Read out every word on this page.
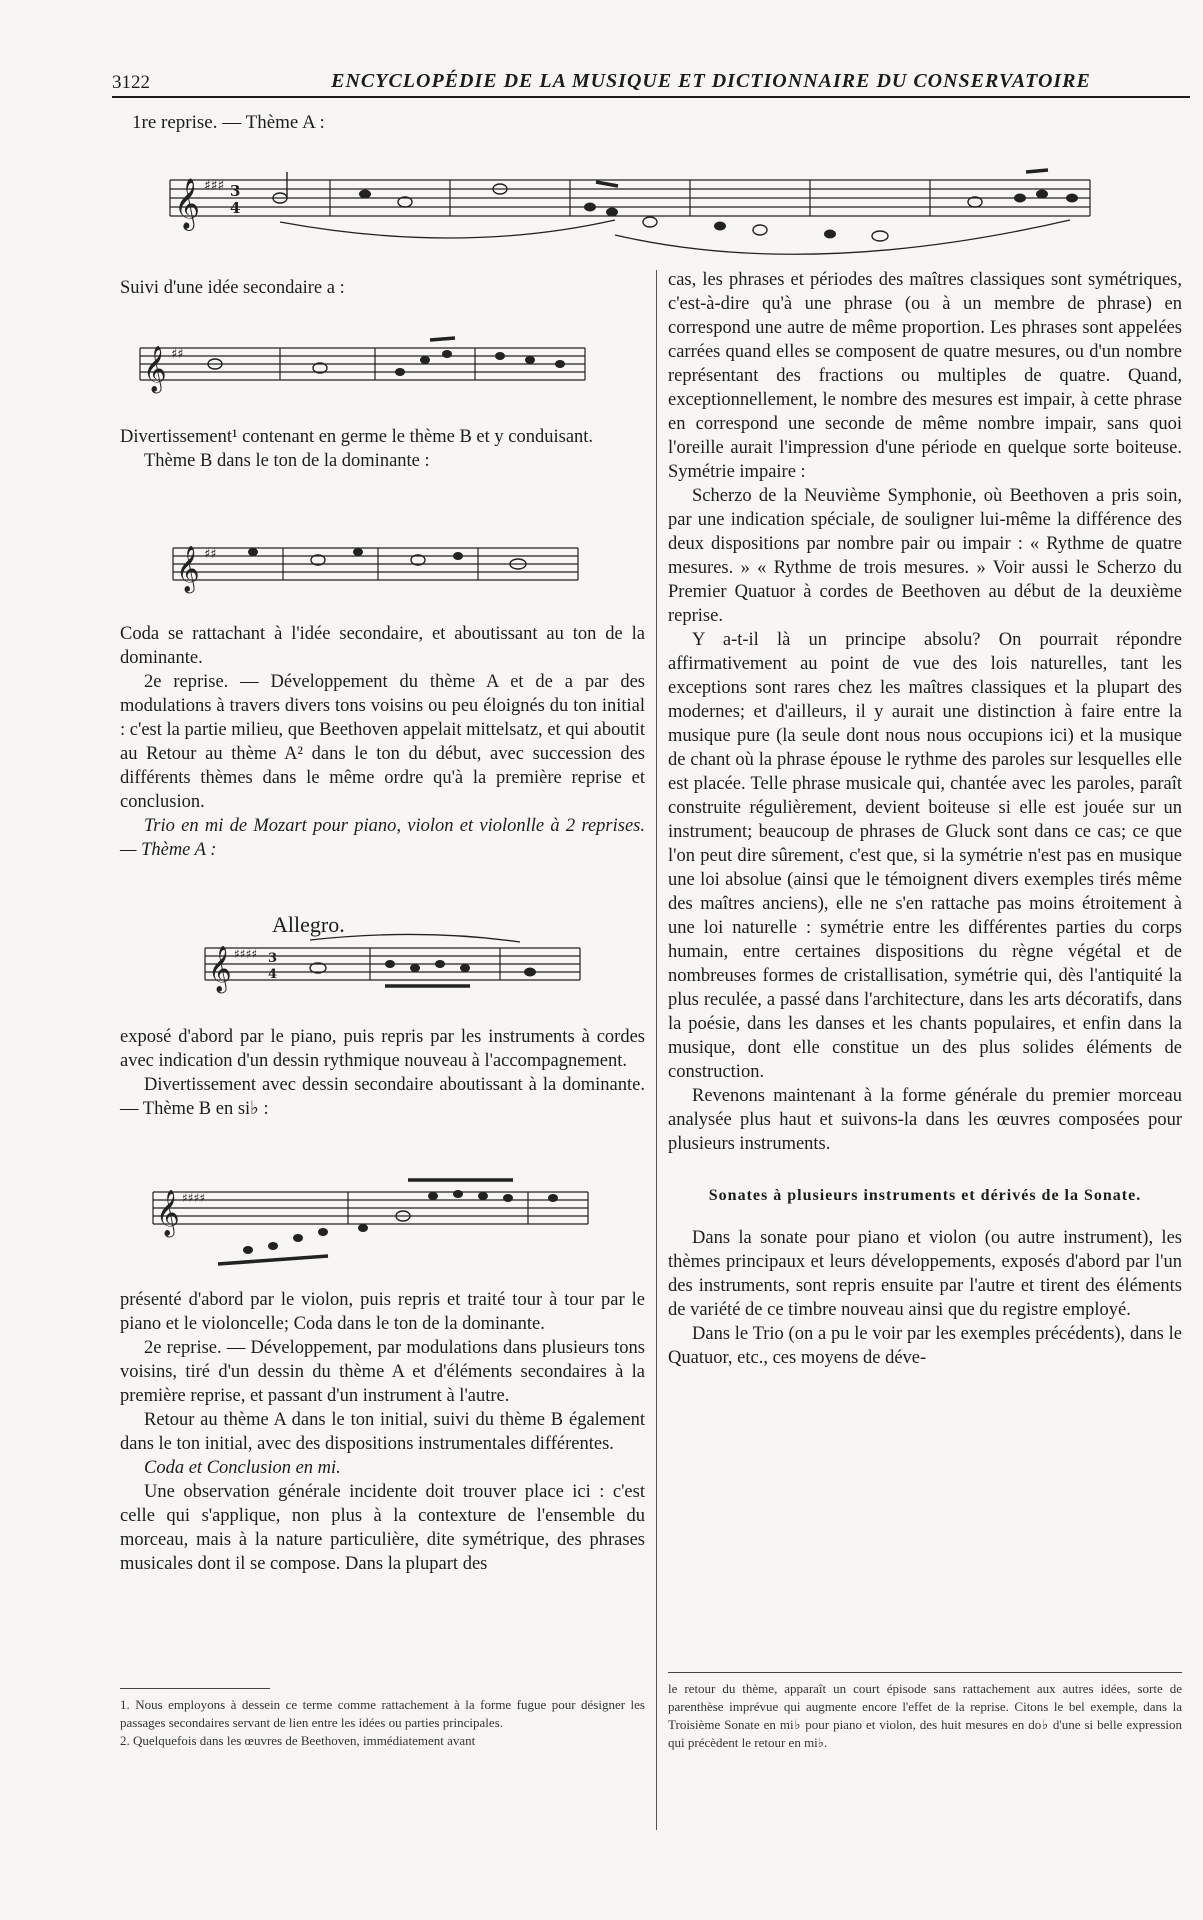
3122	ENCYCLOPÉDIE DE LA MUSIQUE ET DICTIONNAIRE DU CONSERVATOIRE
1re reprise. — Thème A :
𝄞 ♯♯♯ 3
4

Suivi d'une idée secondaire a :

𝄞 ♯♯

Divertissement¹ contenant en germe le thème B et y conduisant.

Thème B dans le ton de la dominante :

𝄞 ♯♯

Coda se rattachant à l'idée secondaire, et aboutissant au ton de la dominante.

2e reprise. — Développement du thème A et de a par des modulations à travers divers tons voisins ou peu éloignés du ton initial : c'est la partie milieu, que Beethoven appelait mittelsatz, et qui aboutit au Retour au thème A² dans le ton du début, avec succession des différents thèmes dans le même ordre qu'à la première reprise et conclusion.

Trio en mi de Mozart pour piano, violon et violonlle à 2 reprises. — Thème A :

Allegro.
𝄞 ♯♯♯♯ 3
4

exposé d'abord par le piano, puis repris par les instruments à cordes avec indication d'un dessin rythmique nouveau à l'accompagnement.

Divertissement avec dessin secondaire aboutissant à la dominante. — Thème B en si♭ :

𝄞 ♯♯♯♯

présenté d'abord par le violon, puis repris et traité tour à tour par le piano et le violoncelle; Coda dans le ton de la dominante.

2e reprise. — Développement, par modulations dans plusieurs tons voisins, tiré d'un dessin du thème A et d'éléments secondaires à la première reprise, et passant d'un instrument à l'autre.

Retour au thème A dans le ton initial, suivi du thème B également dans le ton initial, avec des dispositions instrumentales différentes.

Coda et Conclusion en mi.

Une observation générale incidente doit trouver place ici : c'est celle qui s'applique, non plus à la contexture de l'ensemble du morceau, mais à la nature particulière, dite symétrique, des phrases musicales dont il se compose. Dans la plupart des

cas, les phrases et périodes des maîtres classiques sont symétriques, c'est-à-dire qu'à une phrase (ou à un membre de phrase) en correspond une autre de même proportion. Les phrases sont appelées carrées quand elles se composent de quatre mesures, ou d'un nombre représentant des fractions ou multiples de quatre. Quand, exceptionnellement, le nombre des mesures est impair, à cette phrase en correspond une seconde de même nombre impair, sans quoi l'oreille aurait l'impression d'une période en quelque sorte boiteuse. Symétrie impaire :

Scherzo de la Neuvième Symphonie, où Beethoven a pris soin, par une indication spéciale, de souligner lui-même la différence des deux dispositions par nombre pair ou impair : « Rythme de quatre mesures. » « Rythme de trois mesures. » Voir aussi le Scherzo du Premier Quatuor à cordes de Beethoven au début de la deuxième reprise.

Y a-t-il là un principe absolu? On pourrait répondre affirmativement au point de vue des lois naturelles, tant les exceptions sont rares chez les maîtres classiques et la plupart des modernes; et d'ailleurs, il y aurait une distinction à faire entre la musique pure (la seule dont nous nous occupions ici) et la musique de chant où la phrase épouse le rythme des paroles sur lesquelles elle est placée. Telle phrase musicale qui, chantée avec les paroles, paraît construite régulièrement, devient boiteuse si elle est jouée sur un instrument; beaucoup de phrases de Gluck sont dans ce cas; ce que l'on peut dire sûrement, c'est que, si la symétrie n'est pas en musique une loi absolue (ainsi que le témoignent divers exemples tirés même des maîtres anciens), elle ne s'en rattache pas moins étroitement à une loi naturelle : symétrie entre les différentes parties du corps humain, entre certaines dispositions du règne végétal et de nombreuses formes de cristallisation, symétrie qui, dès l'antiquité la plus reculée, a passé dans l'architecture, dans les arts décoratifs, dans la poésie, dans les danses et les chants populaires, et enfin dans la musique, dont elle constitue un des plus solides éléments de construction.

Revenons maintenant à la forme générale du premier morceau analysée plus haut et suivons-la dans les œuvres composées pour plusieurs instruments.

Sonates à plusieurs instruments et dérivés de la Sonate.

Dans la sonate pour piano et violon (ou autre instrument), les thèmes principaux et leurs développements, exposés d'abord par l'un des instruments, sont repris ensuite par l'autre et tirent des éléments de variété de ce timbre nouveau ainsi que du registre employé.

Dans le Trio (on a pu le voir par les exemples précédents), dans le Quatuor, etc., ces moyens de déve-

1. Nous employons à dessein ce terme comme rattachement à la forme fugue pour désigner les passages secondaires servant de lien entre les idées ou parties principales.

2. Quelquefois dans les œuvres de Beethoven, immédiatement avant

le retour du thème, apparaît un court épisode sans rattachement aux autres idées, sorte de parenthèse imprévue qui augmente encore l'effet de la reprise. Citons le bel exemple, dans la Troisième Sonate en mi♭ pour piano et violon, des huit mesures en do♭ d'une si belle expression qui précèdent le retour en mi♭.
